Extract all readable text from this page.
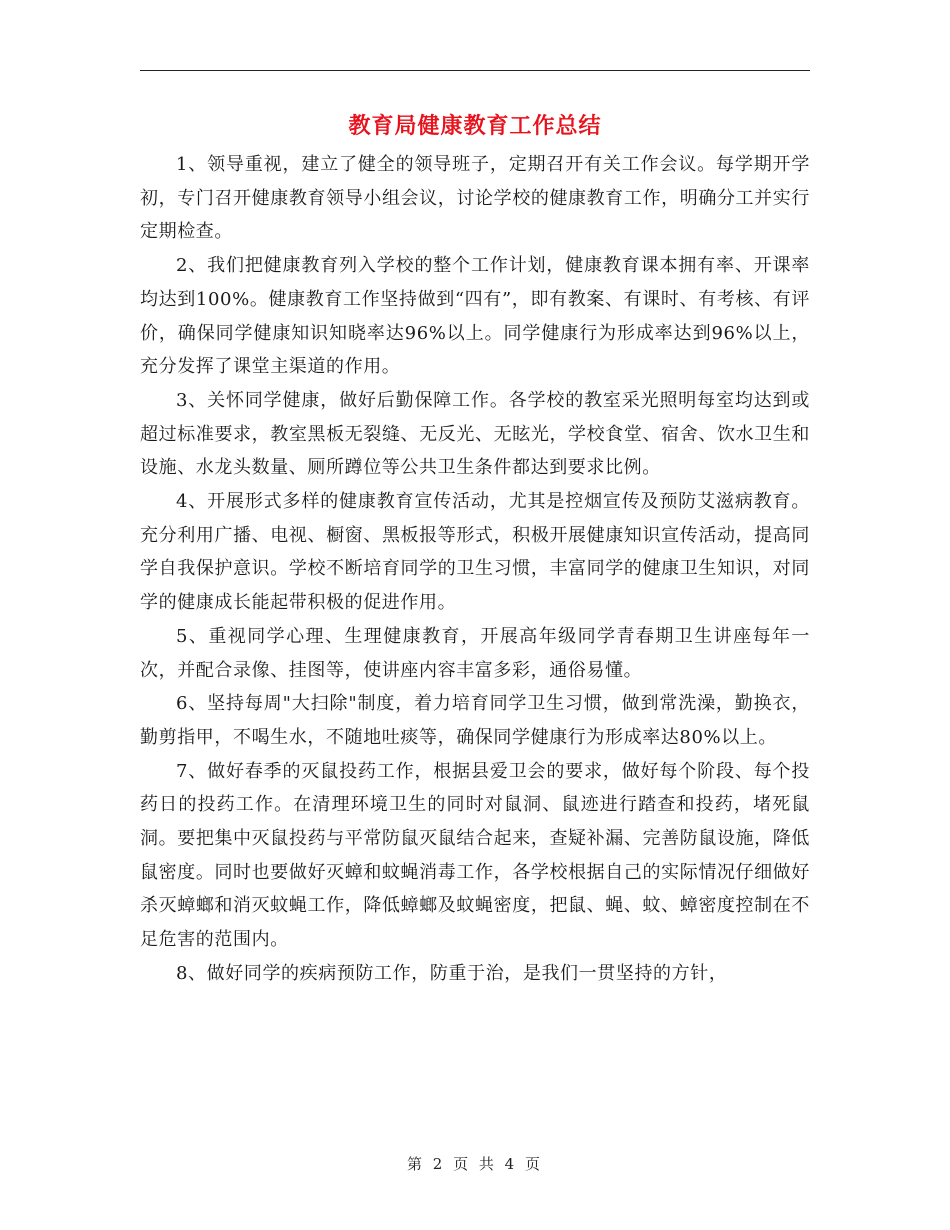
教育局健康教育工作总结

1、领导重视，建立了健全的领导班子，定期召开有关工作会议。每学期开学初，专门召开健康教育领导小组会议，讨论学校的健康教育工作，明确分工并实行定期检查。

2、我们把健康教育列入学校的整个工作计划，健康教育课本拥有率、开课率均达到100%。健康教育工作坚持做到“四有”，即有教案、有课时、有考核、有评价，确保同学健康知识知晓率达96%以上。同学健康行为形成率达到96%以上，充分发挥了课堂主渠道的作用。

3、关怀同学健康，做好后勤保障工作。各学校的教室采光照明每室均达到或超过标准要求，教室黑板无裂缝、无反光、无眩光，学校食堂、宿舍、饮水卫生和设施、水龙头数量、厕所蹲位等公共卫生条件都达到要求比例。

4、开展形式多样的健康教育宣传活动，尤其是控烟宣传及预防艾滋病教育。充分利用广播、电视、橱窗、黑板报等形式，积极开展健康知识宣传活动，提高同学自我保护意识。学校不断培育同学的卫生习惯，丰富同学的健康卫生知识，对同学的健康成长能起带积极的促进作用。

5、重视同学心理、生理健康教育，开展高年级同学青春期卫生讲座每年一次，并配合录像、挂图等，使讲座内容丰富多彩，通俗易懂。

6、坚持每周"大扫除"制度，着力培育同学卫生习惯，做到常洗澡，勤换衣，勤剪指甲，不喝生水，不随地吐痰等，确保同学健康行为形成率达80%以上。

7、做好春季的灭鼠投药工作，根据县爱卫会的要求，做好每个阶段、每个投药日的投药工作。在清理环境卫生的同时对鼠洞、鼠迹进行踏查和投药，堵死鼠洞。要把集中灭鼠投药与平常防鼠灭鼠结合起来，查疑补漏、完善防鼠设施，降低鼠密度。同时也要做好灭蟑和蚊蝇消毒工作，各学校根据自己的实际情况仔细做好杀灭蟑螂和消灭蚊蝇工作，降低蟑螂及蚊蝇密度，把鼠、蝇、蚊、蟑密度控制在不足危害的范围内。

8、做好同学的疾病预防工作，防重于治，是我们一贯坚持的方针，

第 2 页 共 4 页
